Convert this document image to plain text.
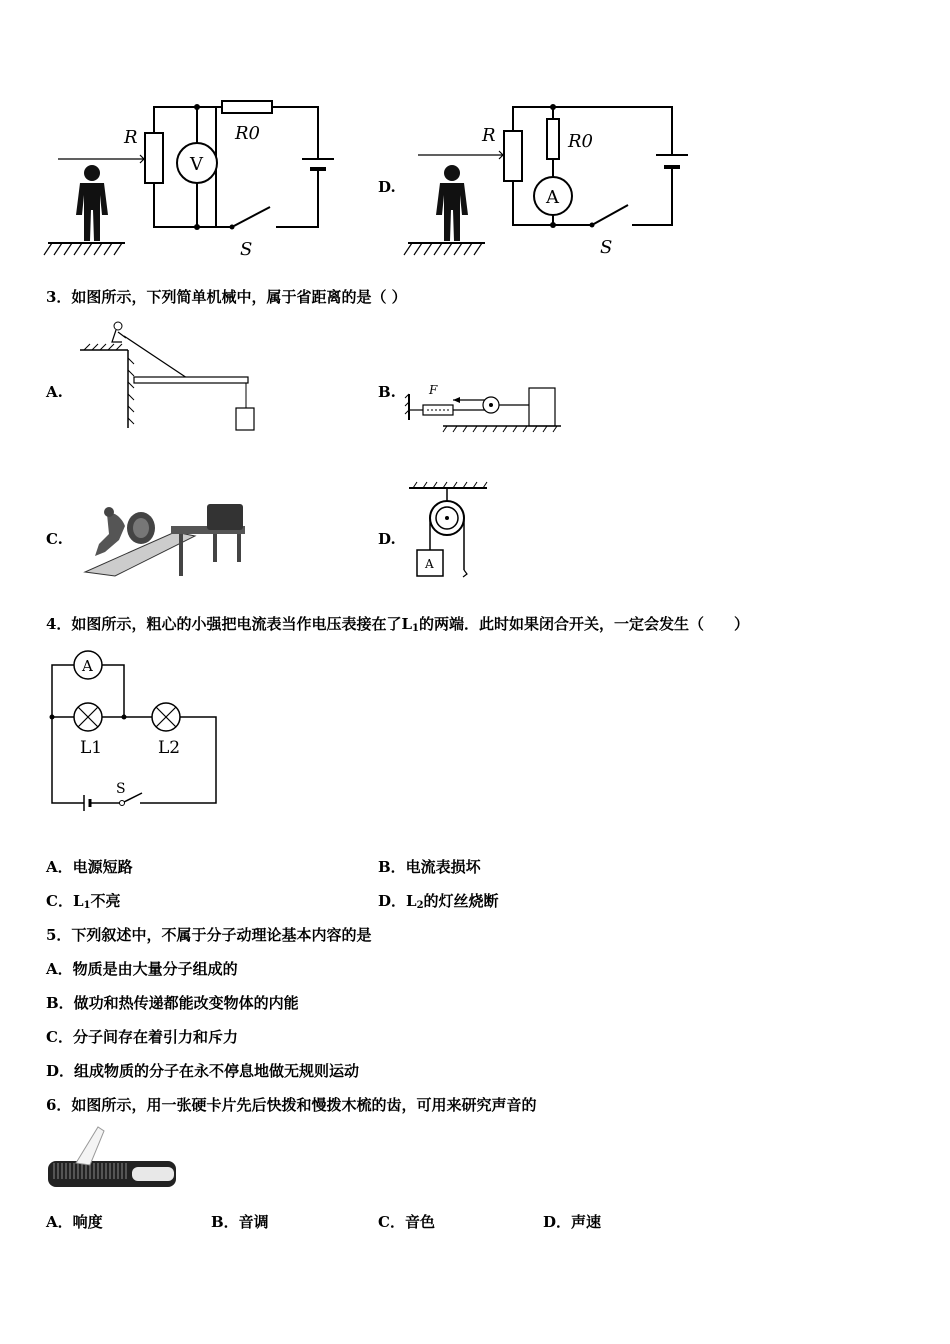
R
V
R0
S
D.
R	R0
A
S
3．如图所示，下列简单机械中，属于省距离的是（ ）
A.	B.	F
C.	D.
A
4．如图所示，粗心的小强把电流表当作电压表接在了$L_1$的两端．此时如果闭合开关，一定会发生（　　）
A
L1	L2
S
A．电源短路	B．电流表损坏
C．$L_1$不亮	D．$L_2$的灯丝烧断
5．下列叙述中，不属于分子动理论基本内容的是
A．物质是由大量分子组成的
B．做功和热传递都能改变物体的内能
C．分子间存在着引力和斥力
D．组成物质的分子在永不停息地做无规则运动
6．如图所示，用一张硬卡片先后快拨和慢拨木梳的齿，可用来研究声音的
A．响度	B．音调	C．音色	D．声速
